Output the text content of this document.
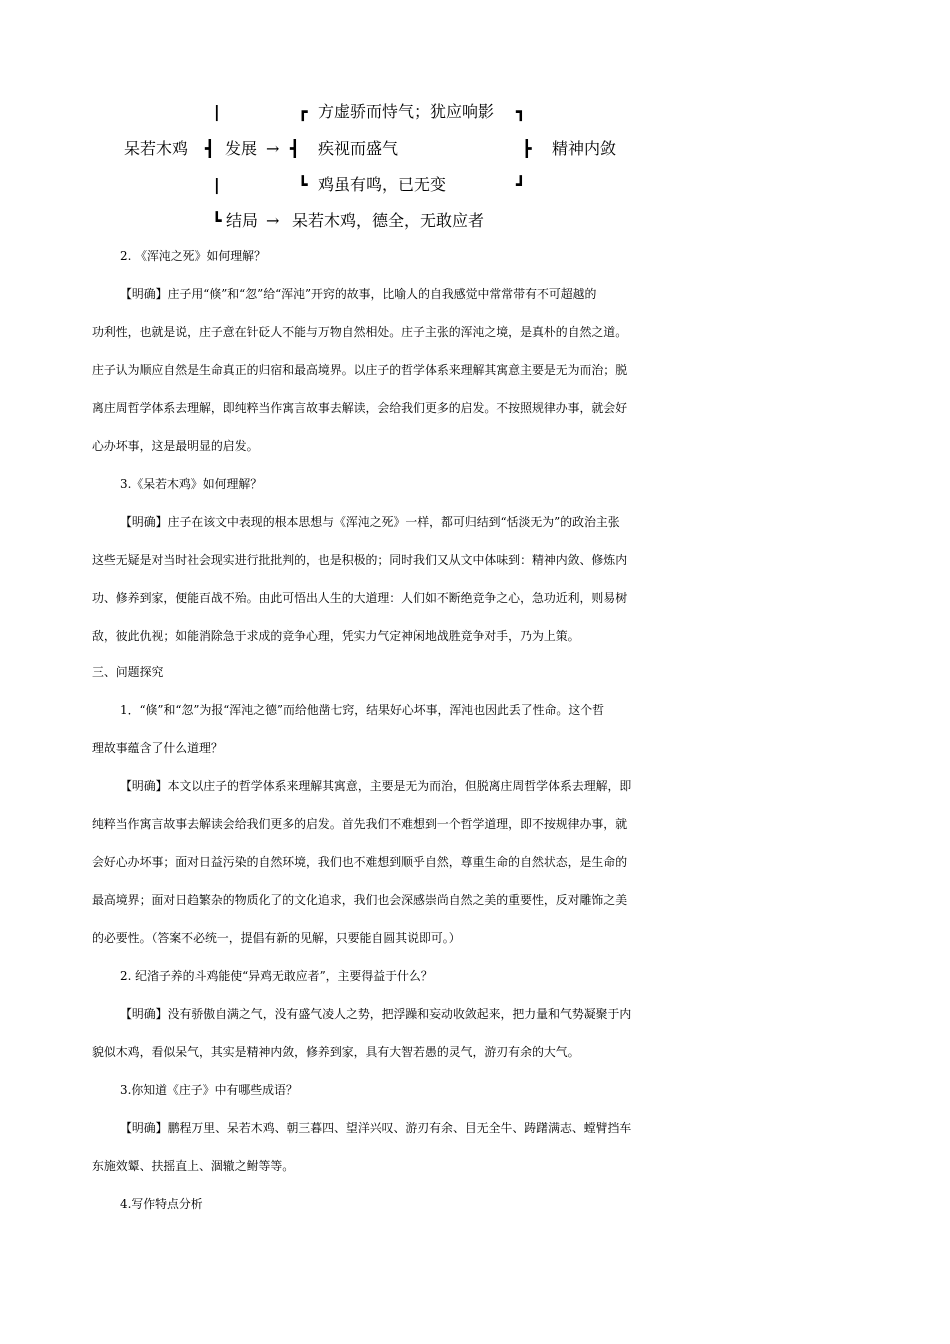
|	┏ 方虚骄而恃气；犹应响影 ┓
呆若木鸡 ┫ 发展 → ┫ 疾视而盛气	┣ 精神内敛
|	┗ 鸡虽有鸣，已无变	┛
┗ 结局 → 呆若木鸡，德全，无敢应者
2. 《浑沌之死》如何理解？
【明确】庄子用“倏”和“忽”给“浑沌”开窍的故事，比喻人的自我感觉中常常带有不可超越的
功利性，也就是说，庄子意在针砭人不能与万物自然相处。庄子主张的浑沌之境，是真朴的自然之道。
庄子认为顺应自然是生命真正的归宿和最高境界。以庄子的哲学体系来理解其寓意主要是无为而治；脱
离庄周哲学体系去理解，即纯粹当作寓言故事去解读，会给我们更多的启发。不按照规律办事，就会好
心办坏事，这是最明显的启发。
3.《呆若木鸡》如何理解？
【明确】庄子在该文中表现的根本思想与《浑沌之死》一样，都可归结到“恬淡无为”的政治主张
这些无疑是对当时社会现实进行批批判的，也是积极的；同时我们又从文中体味到：精神内敛、修炼内
功、修养到家，便能百战不殆。由此可悟出人生的大道理：人们如不断绝竞争之心，急功近利，则易树
敌，彼此仇视；如能消除急于求成的竞争心理，凭实力气定神闲地战胜竞争对手，乃为上策。
三、问题探究
1．“倏”和“忽”为报“浑沌之德”而给他凿七窍，结果好心坏事，浑沌也因此丢了性命。这个哲
理故事蕴含了什么道理？
【明确】本文以庄子的哲学体系来理解其寓意，主要是无为而治，但脱离庄周哲学体系去理解，即
纯粹当作寓言故事去解读会给我们更多的启发。首先我们不难想到一个哲学道理，即不按规律办事，就
会好心办坏事；面对日益污染的自然环境，我们也不难想到顺乎自然，尊重生命的自然状态，是生命的
最高境界；面对日趋繁杂的物质化了的文化追求，我们也会深感崇尚自然之美的重要性，反对雕饰之美
的必要性。（答案不必统一，提倡有新的见解，只要能自圆其说即可。）
2. 纪渻子养的斗鸡能使“异鸡无敢应者”，主要得益于什么？
【明确】没有骄傲自满之气，没有盛气凌人之势，把浮躁和妄动收敛起来，把力量和气势凝聚于内
貌似木鸡，看似呆气，其实是精神内敛，修养到家，具有大智若愚的灵气，游刃有余的大气。
3.你知道《庄子》中有哪些成语？
【明确】鹏程万里、呆若木鸡、朝三暮四、望洋兴叹、游刃有余、目无全牛、踌躇满志、螳臂挡车
东施效颦、扶摇直上、涸辙之鲋等等。
4.写作特点分析
